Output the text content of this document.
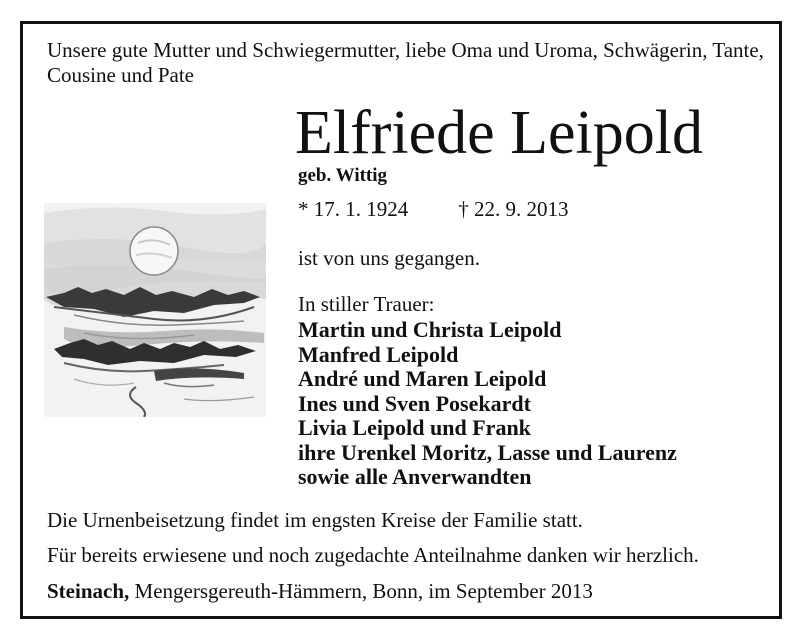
Unsere gute Mutter und Schwiegermutter, liebe Oma und Uroma, Schwägerin, Tante, Cousine und Pate
Elfriede Leipold
geb. Wittig
* 17. 1. 1924 † 22. 9. 2013
ist von uns gegangen.
In stiller Trauer:
Martin und Christa Leipold
Manfred Leipold
André und Maren Leipold
Ines und Sven Posekardt
Livia Leipold und Frank
ihre Urenkel Moritz, Lasse und Laurenz
sowie alle Anverwandten
Die Urnenbeisetzung findet im engsten Kreise der Familie statt.
Für bereits erwiesene und noch zugedachte Anteilnahme danken wir herzlich.
Steinach, Mengersgereuth-Hämmern, Bonn, im September 2013
